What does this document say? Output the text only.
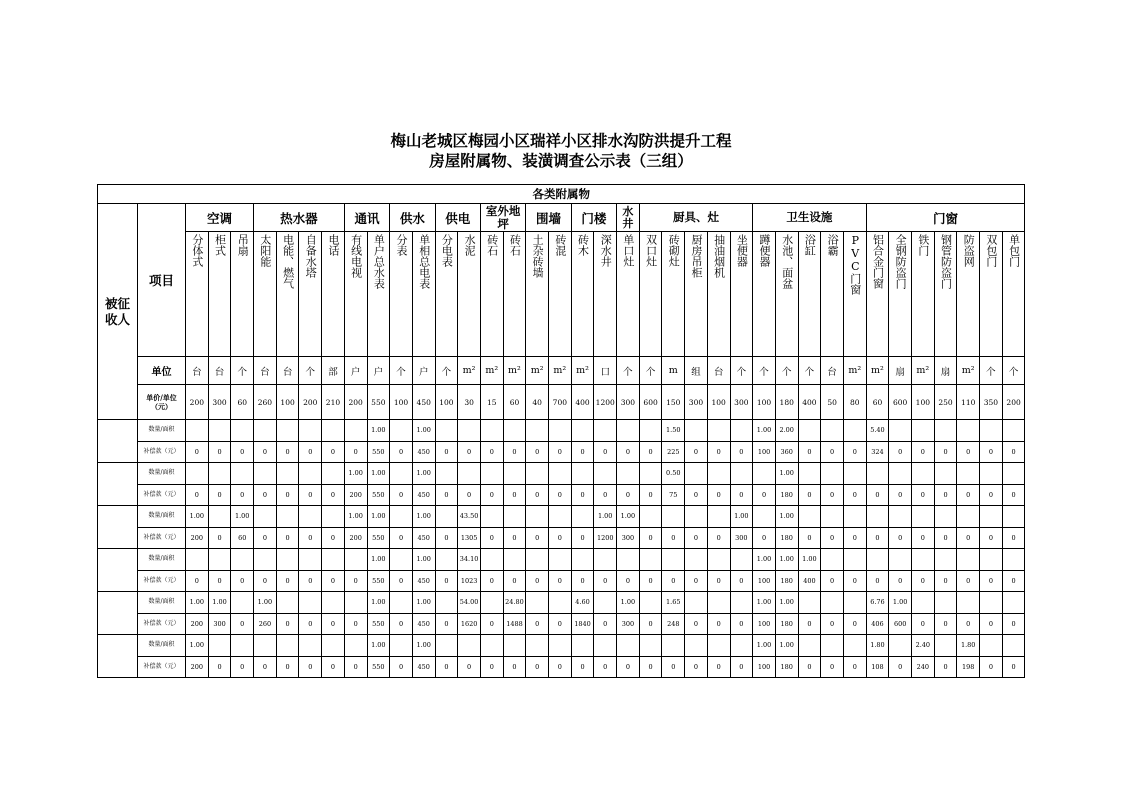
梅山老城区梅园小区瑞祥小区排水沟防洪提升工程
房屋附属物、装潢调查公示表（三组）
各类附属物																																						
被征收人	项目	空调			热水器				通讯		供水		供电		室外地坪		围墙		门楼		水井	厨具、灶					卫生设施					门窗						

		分体式	柜式	吊扇	太阳能	电能、燃气	自备水塔	电话	有线电视	单户总水表	分表	单相总电表	分电表	水泥	砖石	砖石	土杂砖墙	砖混	砖木	深水井	单口灶	双口灶	砖砌灶	厨房吊柜	抽油烟机	坐便器	蹲便器	水池、面盆	浴缸	浴霸	PVC门窗	铝合金门窗	全钢防盗门	铁门	钢管防盗门	防盗网	双包门	单包门

	单位	台	台	个	台	台	个	部	户	户	个	户	个	m²	m²	m²	m²	m²	m²	口	个	个	m	组	台	个	个	个	个	台	m²	m²	扇	m²	扇	m²	个	个
	单价/单位（元）	200	300	60	260	100	200	210	200	550	100	450	100	30	15	60	40	700	400	1200	300	600	150	300	100	300	100	180	400	50	80	60	600	100	250	110	350	200
	数量/面积									1.00		1.00											1.50				1.00	2.00				5.40						
	补偿款（元）	0	0	0	0	0	0	0	0	550	0	450	0	0	0	0	0	0	0	0	0	0	225	0	0	0	100	360	0	0	0	324	0	0	0	0	0	0
	数量/面积								1.00	1.00		1.00											0.50					1.00										
	补偿款（元）	0	0	0	0	0	0	0	200	550	0	450	0	0	0	0	0	0	0	0	0	0	75	0	0	0	0	180	0	0	0	0	0	0	0	0	0	0
	数量/面积	1.00		1.00					1.00	1.00		1.00		43.50						1.00	1.00					1.00		1.00										
	补偿款（元）	200	0	60	0	0	0	0	200	550	0	450	0	1305	0	0	0	0	0	1200	300	0	0	0	0	300	0	180	0	0	0	0	0	0	0	0	0	0
	数量/面积									1.00		1.00		34.10													1.00	1.00	1.00									
	补偿款（元）	0	0	0	0	0	0	0	0	550	0	450	0	1023	0	0	0	0	0	0	0	0	0	0	0	0	100	180	400	0	0	0	0	0	0	0	0	0
	数量/面积	1.00	1.00		1.00					1.00		1.00		54.00		24.80			4.60		1.00		1.65				1.00	1.00				6.76	1.00					
	补偿款（元）	200	300	0	260	0	0	0	0	550	0	450	0	1620	0	1488	0	0	1840	0	300	0	248	0	0	0	100	180	0	0	0	406	600	0	0	0	0	0
	数量/面积	1.00								1.00		1.00															1.00	1.00				1.80		2.40		1.80		
	补偿款（元）	200	0	0	0	0	0	0	0	550	0	450	0	0	0	0	0	0	0	0	0	0	0	0	0	0	100	180	0	0	0	108	0	240	0	198	0	0
